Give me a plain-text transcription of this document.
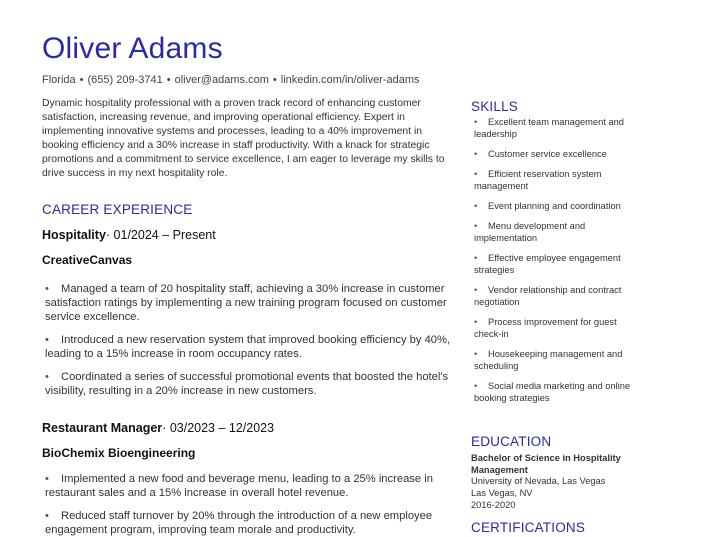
Oliver Adams
Florida • (655) 209-3741 • oliver@adams.com • linkedin.com/in/oliver-adams
Dynamic hospitality professional with a proven track record of enhancing customer satisfaction, increasing revenue, and improving operational efficiency. Expert in implementing innovative systems and processes, leading to a 40% improvement in booking efficiency and a 30% increase in staff productivity. With a knack for strategic promotions and a commitment to service excellence, I am eager to leverage my skills to drive success in my next hospitality role.
CAREER EXPERIENCE
Hospitality· 01/2024 – Present
CreativeCanvas
• Managed a team of 20 hospitality staff, achieving a 30% increase in customer satisfaction ratings by implementing a new training program focused on customer service excellence.
• Introduced a new reservation system that improved booking efficiency by 40%, leading to a 15% increase in room occupancy rates.
• Coordinated a series of successful promotional events that boosted the hotel's visibility, resulting in a 20% increase in new customers.
Restaurant Manager· 03/2023 – 12/2023
BioChemix Bioengineering
• Implemented a new food and beverage menu, leading to a 25% increase in restaurant sales and a 15% increase in overall hotel revenue.
• Reduced staff turnover by 20% through the introduction of a new employee engagement program, improving team morale and productivity.
SKILLS
• Excellent team management and leadership
• Customer service excellence
• Efficient reservation system management
• Event planning and coordination
• Menu development and implementation
• Effective employee engagement strategies
• Vendor relationship and contract negotiation
• Process improvement for guest check-in
• Housekeeping management and scheduling
• Social media marketing and online booking strategies
EDUCATION
Bachelor of Science in Hospitality Management
University of Nevada, Las Vegas
Las Vegas, NV
2016-2020
CERTIFICATIONS
